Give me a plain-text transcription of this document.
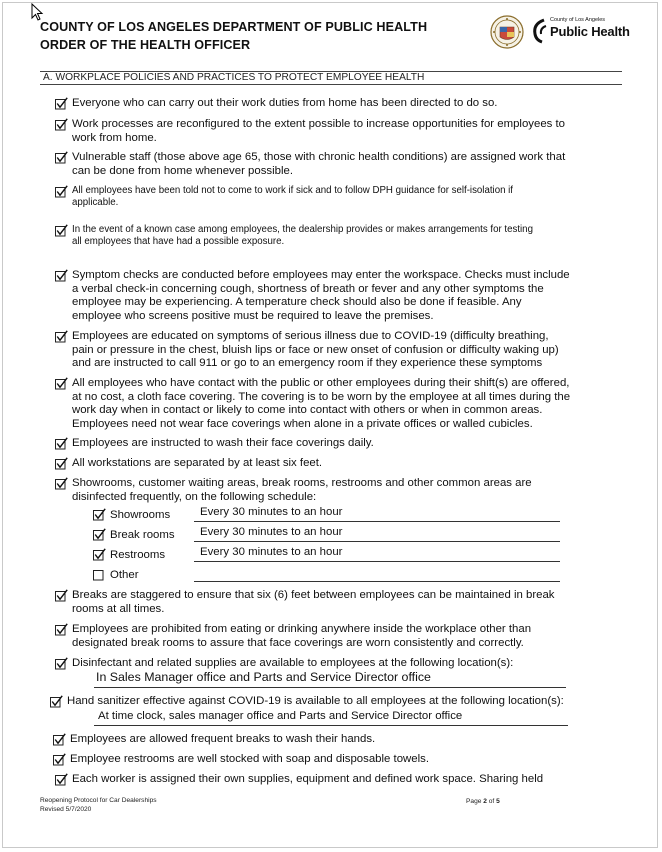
COUNTY OF LOS ANGELES DEPARTMENT OF PUBLIC HEALTH
ORDER OF THE HEALTH OFFICER
County of Los Angeles
Public Health
A. WORKPLACE POLICIES AND PRACTICES TO PROTECT EMPLOYEE HEALTH
Everyone who can carry out their work duties from home has been directed to do so.
Work processes are reconfigured to the extent possible to increase opportunities for employees to
work from home.
Vulnerable staff (those above age 65, those with chronic health conditions) are assigned work that
can be done from home whenever possible.
All employees have been told not to come to work if sick and to follow DPH guidance for self-isolation if
applicable.
In the event of a known case among employees, the dealership provides or makes arrangements for testing
all employees that have had a possible exposure.
Symptom checks are conducted before employees may enter the workspace. Checks must include
a verbal check-in concerning cough, shortness of breath or fever and any other symptoms the
employee may be experiencing. A temperature check should also be done if feasible. Any
employee who screens positive must be required to leave the premises.
Employees are educated on symptoms of serious illness due to COVID-19 (difficulty breathing,
pain or pressure in the chest, bluish lips or face or new onset of confusion or difficulty waking up)
and are instructed to call 911 or go to an emergency room if they experience these symptoms
All employees who have contact with the public or other employees during their shift(s) are offered,
at no cost, a cloth face covering. The covering is to be worn by the employee at all times during the
work day when in contact or likely to come into contact with others or when in common areas.
Employees need not wear face coverings when alone in a private offices or walled cubicles.
Employees are instructed to wash their face coverings daily.
All workstations are separated by at least six feet.
Showrooms, customer waiting areas, break rooms, restrooms and other common areas are
disinfected frequently, on the following schedule:
Breaks are staggered to ensure that six (6) feet between employees can be maintained in break
rooms at all times.
Employees are prohibited from eating or drinking anywhere inside the workplace other than
designated break rooms to assure that face coverings are worn consistently and correctly.
Disinfectant and related supplies are available to employees at the following location(s):
Hand sanitizer effective against COVID-19 is available to all employees at the following location(s):
Employees are allowed frequent breaks to wash their hands.
Employee restrooms are well stocked with soap and disposable towels.
Each worker is assigned their own supplies, equipment and defined work space. Sharing held
Showrooms	Every 30 minutes to an hour
Break rooms Every 30 minutes to an hour
Restrooms	Every 30 minutes to an hour
Other
In Sales Manager office and Parts and Service Director office
At time clock, sales manager office and Parts and Service Director office
Reopening Protocol for Car Dealerships
Revised 5/7/2020
Page 2 of 5
